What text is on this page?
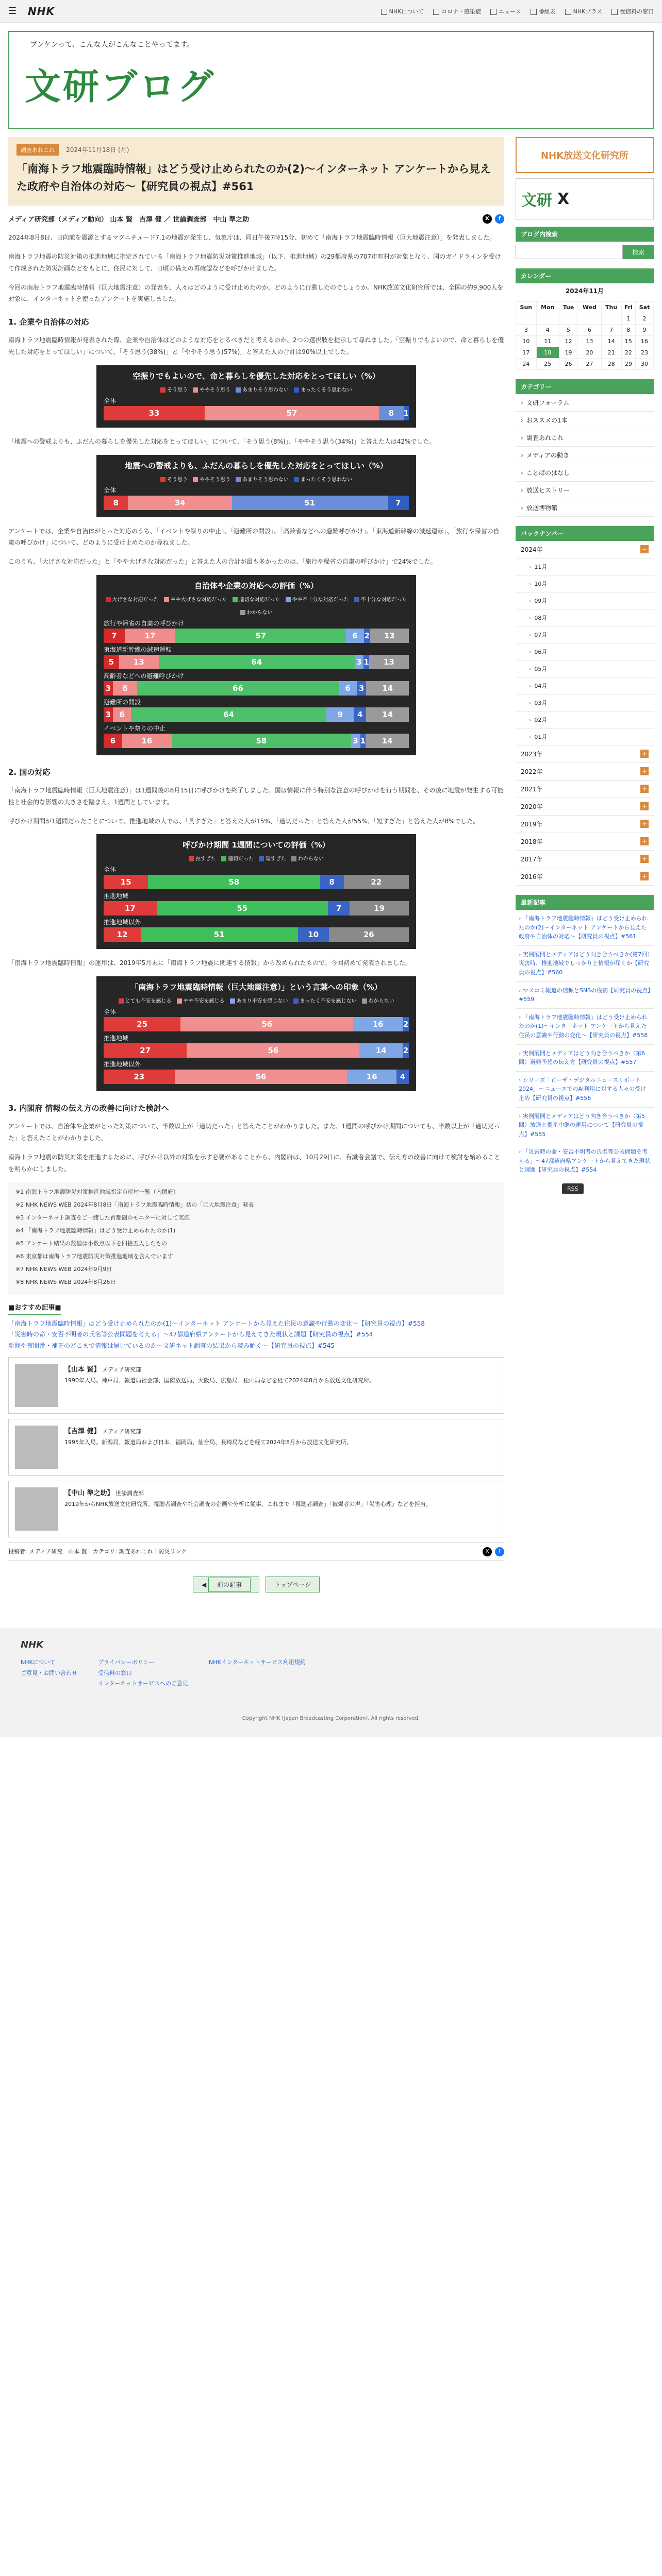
☰	NHK	NHKについて	コロナ・感染症	ニュース	番組表	NHKプラス	受信料の窓口
ブンケンって、こんな人がこんなことやってます。
文研ブログ
調査あれこれ 2024年11月18日 (月)
「南海トラフ地震臨時情報」はどう受け止められたのか(2)〜インターネット アンケートから見えた政府や自治体の対応〜【研究員の視点】#561
メディア研究部（メディア動向） 山本 賢　吉澤 健 ／ 世論調査部　中山 準之助	X	f

2024年8月8日、日向灘を震源とするマグニチュード7.1の地震が発生し、気象庁は、同日午後7時15分、初めて「南海トラフ地震臨時情報（巨大地震注意）」を発表しました。

南海トラフ地震の防災対策の推進地域に指定されている「南海トラフ地震防災対策推進地域」（以下、推進地域）の29都府県の707市町村が対象となり、国のガイドラインを受けて作成された防災計画などをもとに、住民に対して、日頃の備えの再確認などを呼びかけました。

今回の南海トラフ地震臨時情報（巨大地震注意）の発表を、人々はどのように受け止めたのか。どのように行動したのでしょうか。NHK放送文化研究所では、全国の約9,900人を対象に、インターネットを使ったアンケートを実施しました。

1. 企業や自治体の対応

南海トラフ地震臨時情報が発表された際、企業や自治体はどのような対応をとるべきだと考えるのか、2つの選択肢を提示して尋ねました。「空振りでもよいので、命と暮らしを優先した対応をとってほしい」について、「そう思う(38%)」と「ややそう思う(57%)」と答えた人の合計は90%以上でした。

空振りでもよいので、命と暮らしを優先した対応をとってほしい（%）
そう思う	ややそう思う	あまりそう思わない	まったくそう思わない
全体
33	57	8	1

「地震への警戒よりも、ふだんの暮らしを優先した対応をとってほしい」について、「そう思う(8%)」、「ややそう思う(34%)」と答えた人は42%でした。

地震への警戒よりも、ふだんの暮らしを優先した対応をとってほしい（%）
そう思う	ややそう思う	あまりそう思わない	まったくそう思わない
全体
8	34	51	7

アンケートでは、企業や自治体がとった対応のうち、「イベントや祭りの中止」、「避難所の開設」、「高齢者などへの避難呼びかけ」、「東海道新幹線の減速運転」、「旅行や帰省の自粛の呼びかけ」について、どのように受け止めたのか尋ねました。

このうち、「大げさな対応だった」と「やや大げさな対応だった」と答えた人の合計が最も多かったのは、「旅行や帰省の自粛の呼びかけ」で24%でした。

自治体や企業の対応への評価（%）
大げさな対応だった	やや大げさな対応だった	適切な対応だった	やや不十分な対応だった	不十分な対応だった
わからない
旅行や帰省の自粛の呼びかけ
7	17	57	6 2	13
東海道新幹線の減速運転
5	13	64	3 1	13
高齢者などへの避難呼びかけ
3	8	66	6	3	14
避難所の開設
3	6	64	9	4	14
イベントや祭りの中止
6	16	58	3 1	14
2. 国の対応

「南海トラフ地震臨時情報（巨大地震注意）」は1週間後の8月15日に呼びかけを終了しました。国は情報に伴う特別な注意の呼びかけを行う期間を、その後に地震が発生する可能性と社会的な影響の大きさを踏まえ、1週間としています。

呼びかけ期間が1週間だったことについて、推進地域の人では、「長すぎた」と答えた人が15%、「適切だった」と答えた人が55%、「短すぎた」と答えた人が8%でした。

呼びかけ期間 1週間についての評価（%）
長すぎた	適切だった	短すぎた	わからない
全体
15	58	8	22
推進地域
17	55	7	19
推進地域以外
12	51	10	26

「南海トラフ地震臨時情報」の運用は、2019年5月末に「南海トラフ地震に関連する情報」から改められたもので、今回初めて発表されました。

「南海トラフ地震臨時情報（巨大地震注意）」という言葉への印象（%）
とても不安を感じる	やや不安を感じる	あまり不安を感じない	まったく不安を感じない	わからない
全体
25	56	16	2
推進地域
27	56	14	2
推進地域以外
23	56	16	4
3. 内閣府 情報の伝え方の改善に向けた検討へ

アンケートでは、自治体や企業がとった対策について、半数以上が「適切だった」と答えたことがわかりました。また、1週間の呼びかけ期間についても、半数以上が「適切だった」と答えたことがわかりました。

南海トラフ地震の防災対策を推進するために、呼びかけ以外の対策を示す必要があることから、内閣府は、10月29日に、有識者会議で、伝え方の改善に向けて検討を始めることを明らかにしました。

※1 南海トラフ地震防災対策推進地域指定市町村一覧（内閣府）

※2 NHK NEWS WEB 2024年8月8日「南海トラフ地震臨時情報」初の「巨大地震注意」発表

※3 インターネット調査をご一緒した首都圏のモニターに対して実施

※4 「南海トラフ地震臨時情報」はどう受け止められたのか(1)

※5 アンケート結果の数値は小数点以下を四捨五入したもの

※6 東京都は南海トラフ地震防災対策推進地域を含んでいます

※7 NHK NEWS WEB 2024年9月9日

※8 NHK NEWS WEB 2024年8月26日

■おすすめ記事■

「南海トラフ地震臨時情報」はどう受け止められたのか(1)〜インターネット アンケートから見えた住民の意識や行動の変化〜【研究員の視点】#558

「災害時の命・安否不明者の氏名等公表問題を考える」〜47都道府県アンケートから見えてきた現状と課題【研究員の視点】#554

新聞や夜間番・補正のどこまで情報は届いているのか〜文研ネット調査の結果から読み解く〜【研究員の視点】#545

【山本 賢】 メディア研究部
1990年入局。神戸局、報道局社会部、国際放送局、大阪局、広島局、松山局などを経て2024年8月から放送文化研究所。
【吉澤 健】 メディア研究部
1995年入局。新潟局、報道局および日本、福岡局、仙台局、長崎局などを経て2024年8月から放送文化研究所。
【中山 準之助】 世論調査部
2019年からNHK放送文化研究所。視聴者調査や社会調査の企画や分析に従事。これまで「視聴者調査」「被爆者の声」「災害心理」などを担当。
投稿者: メディア研究　山本 賢｜カテゴリ: 調査あれこれ｜防災リンク	X	f
◀ 前の記事	トップページ
NHK放送文化研究所
文研 X
ブログ内検索
検索
カレンダー
2024年11月
Sun	Mon	Tue	Wed	Thu	Fri	Sat
					1	2
3	4	5	6	7	8	9
10	11	12	13	14	15	16
17	18	19	20	21	22	23
24	25	26	27	28	29	30
カテゴリー
› 文研フォーラム
› おススメの1本
› 調査あれこれ
› メディアの動き
› ことばのはなし
› 放送ヒストリー
› 放送博物館
バックナンバー
2024年	−
› 11月
› 10月
› 09月
› 08月
› 07月
› 06月
› 05月
› 04月
› 03月
› 02月
› 01月
2023年	+
2022年	+
2021年	+
2020年	+
2019年	+
2018年	+
2017年	+
2016年	+
最新記事
› 「南海トラフ地震臨時情報」はどう受け止められたのか(2)〜インターネット アンケートから見えた政府や自治体の対応〜【研究員の視点】#561
› 実例展開とメディアはどう向き合うべきか(第7回）災害時、推進地域でしっかりと情報が届くか【研究員の視点】#560
› マスコミ報道の信頼とSNSの役割【研究員の視点】#559
› 「南海トラフ地震臨時情報」はどう受け止められたのか(1)〜インターネット アンケートから見えた住民の意識や行動の変化〜【研究員の視点】#558
› 実例展開とメディアはどう向き合うべきか（第6回）避難予想の伝え方【研究員の視点】#557
› シリーズ「ローザ・デジタルニュースリポート2024」〜ニュースでのAI利用に対する人々の受け止め【研究員の視点】#556
› 実例展開とメディアはどう向き合うべきか（第5回）放送と衛星中継の運用について【研究員の視点】#555
› 「災害時の命・安否不明者の氏名等公表問題を考える」〜47都道府県アンケートから見えてきた現状と課題【研究員の視点】#554
RSS
NHK
NHKについて
ご意見・お問い合わせ
プライバシーポリシー
受信料の窓口
インターネットサービスへのご意見
NHKインターネットサービス利用規約
Copyright NHK (Japan Broadcasting Corporation). All rights reserved.
